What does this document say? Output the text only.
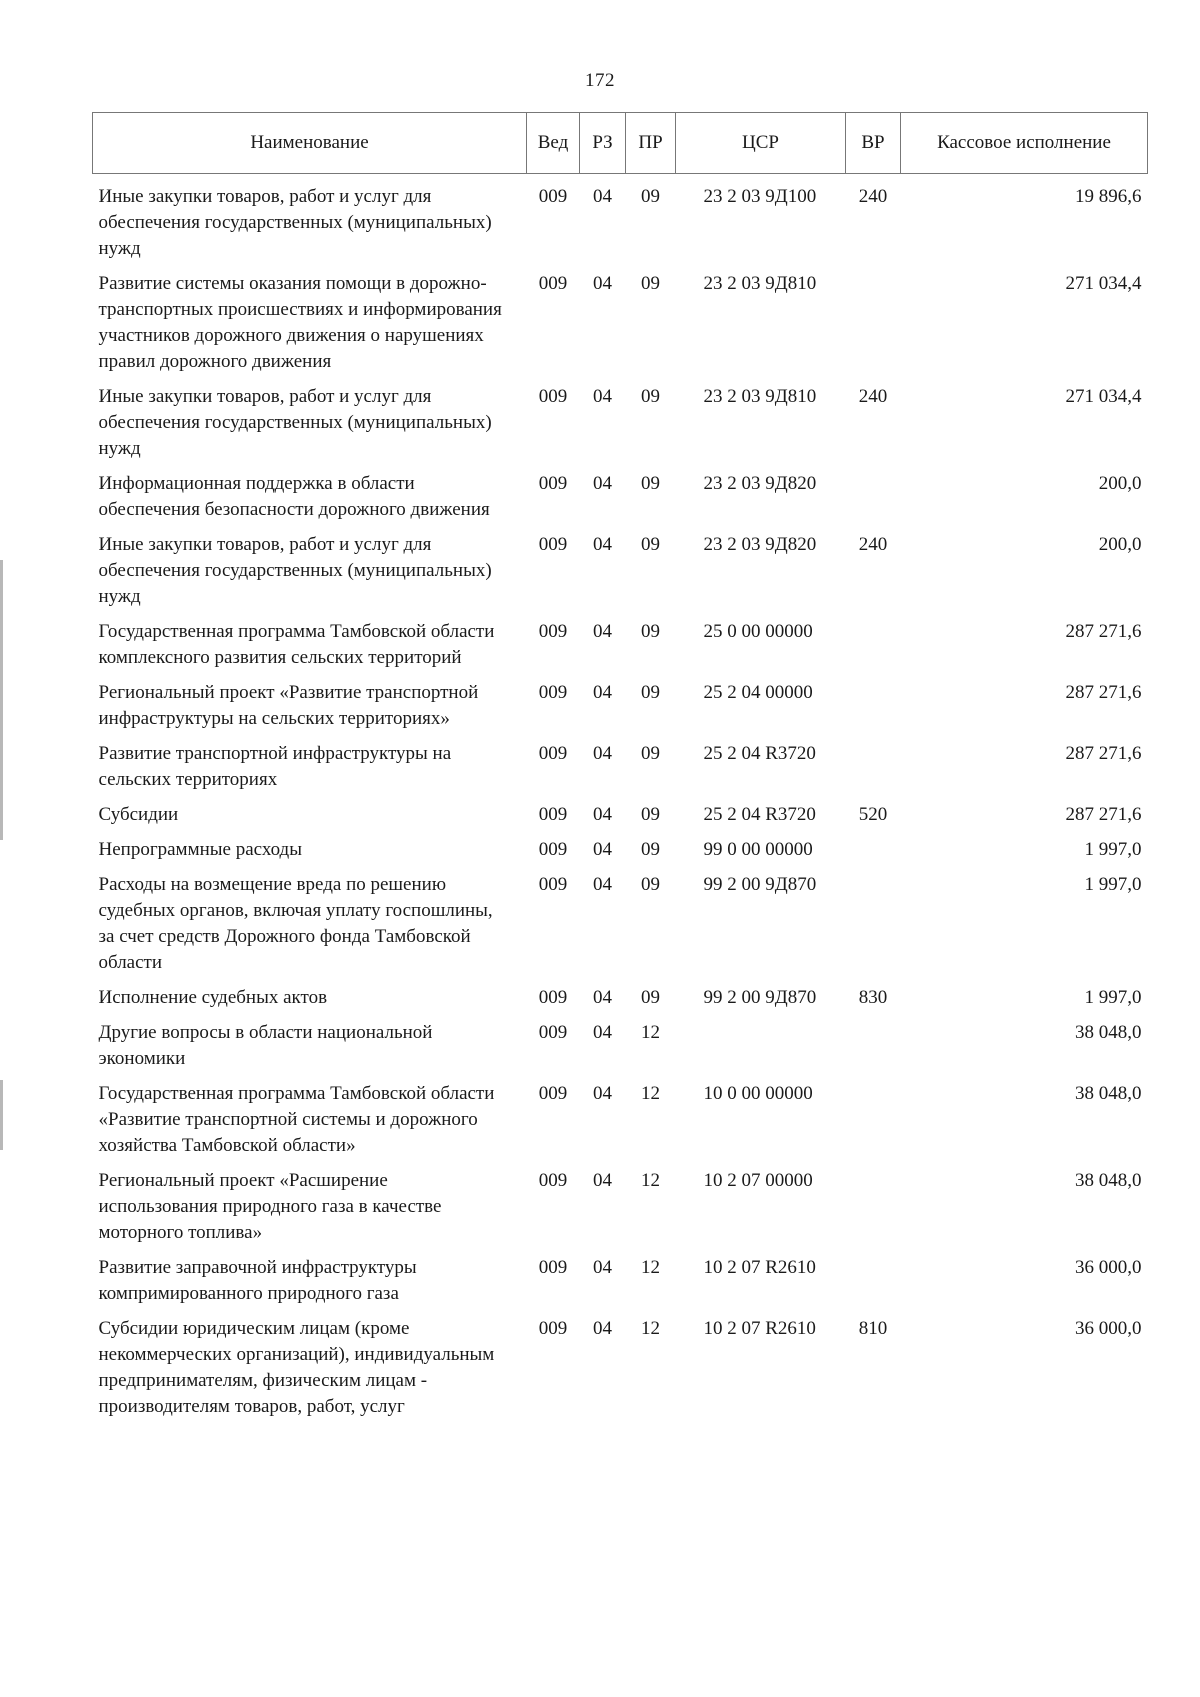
172
Наименование	Вед	РЗ	ПР	ЦСР	ВР	Кассовое исполнение
Иные закупки товаров, работ и услуг для обеспечения государственных (муниципальных) нужд	009	04	09	23 2 03 9Д100	240	19 896,6
Развитие системы оказания помощи в дорожно-транспортных происшествиях и информирования участников дорожного движения о нарушениях правил дорожного движения	009	04	09	23 2 03 9Д810		271 034,4
Иные закупки товаров, работ и услуг для обеспечения государственных (муниципальных) нужд	009	04	09	23 2 03 9Д810	240	271 034,4
Информационная поддержка в области обеспечения безопасности дорожного движения	009	04	09	23 2 03 9Д820		200,0
Иные закупки товаров, работ и услуг для обеспечения государственных (муниципальных) нужд	009	04	09	23 2 03 9Д820	240	200,0
Государственная программа Тамбовской области комплексного развития сельских территорий	009	04	09	25 0 00 00000		287 271,6
Региональный проект «Развитие транспортной инфраструктуры на сельских территориях»	009	04	09	25 2 04 00000		287 271,6
Развитие транспортной инфраструктуры на сельских территориях	009	04	09	25 2 04 R3720		287 271,6
Субсидии	009	04	09	25 2 04 R3720	520	287 271,6
Непрограммные расходы	009	04	09	99 0 00 00000		1 997,0
Расходы на возмещение вреда по решению судебных органов, включая уплату госпошлины, за счет средств Дорожного фонда Тамбовской области	009	04	09	99 2 00 9Д870		1 997,0
Исполнение судебных актов	009	04	09	99 2 00 9Д870	830	1 997,0
Другие вопросы в области национальной экономики	009	04	12			38 048,0
Государственная программа Тамбовской области «Развитие транспортной системы и дорожного хозяйства Тамбовской области»	009	04	12	10 0 00 00000		38 048,0
Региональный проект «Расширение использования природного газа в качестве моторного топлива»	009	04	12	10 2 07 00000		38 048,0
Развитие заправочной инфраструктуры компримированного природного газа	009	04	12	10 2 07 R2610		36 000,0
Субсидии юридическим лицам (кроме некоммерческих организаций), индивидуальным предпринимателям, физическим лицам - производителям товаров, работ, услуг	009	04	12	10 2 07 R2610	810	36 000,0
